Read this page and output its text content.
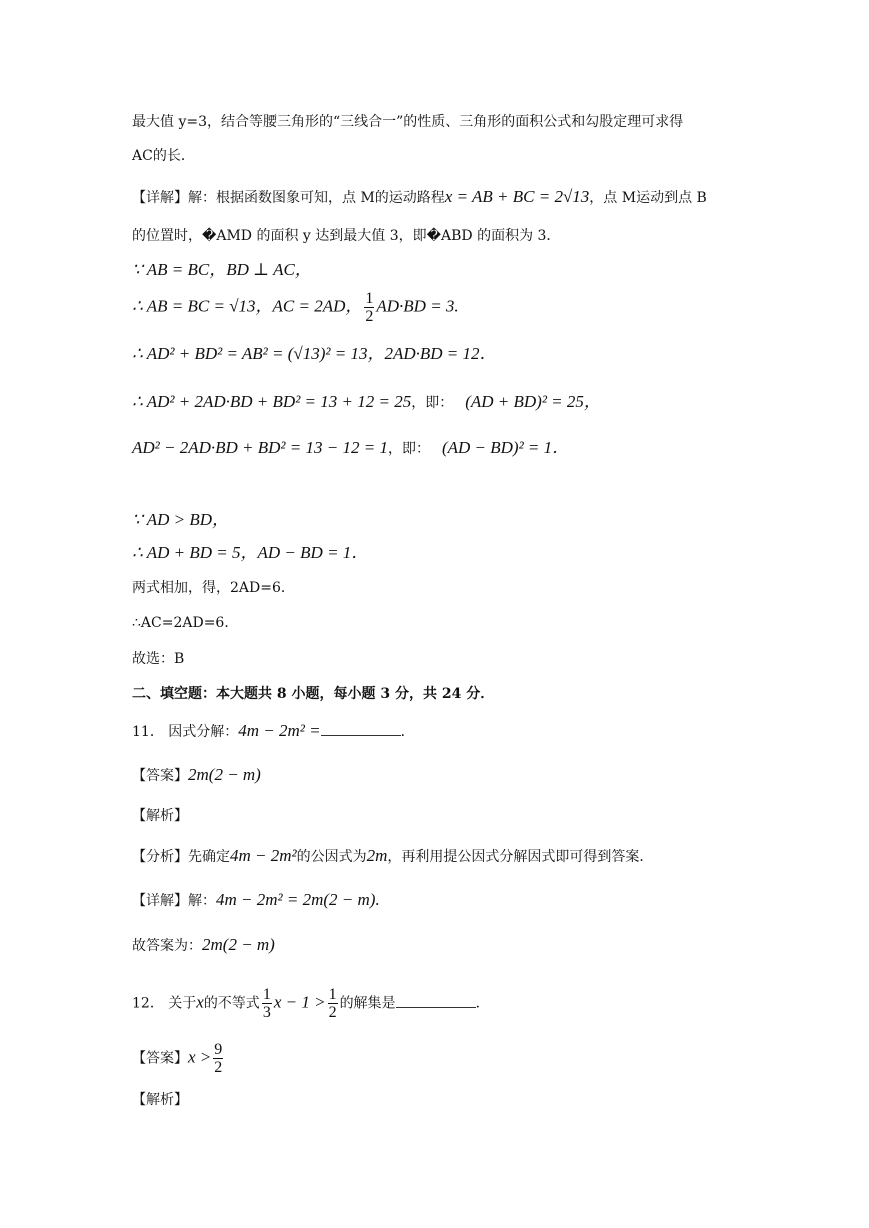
最大值 y=3，结合等腰三角形的“三线合一”的性质、三角形的面积公式和勾股定理可求得
AC的长．
【详解】解：根据函数图象可知，点 M的运动路程x = AB + BC = 2√13，点 M运动到点 B
的位置时，�AMD 的面积 y 达到最大值 3，即�ABD 的面积为 3．
∵ AB = BC，BD ⊥ AC，
∴ AB = BC = √13，AC = 2AD， $\frac{1}{2} AD\cdot BD = 3$.
∴ AD² + BD² = AB² = (√13)² = 13，2AD·BD = 12．
∴ AD² + 2AD·BD + BD² = 13 + 12 = 25，即： (AD + BD)² = 25，
AD² − 2AD·BD + BD² = 13 − 12 = 1，即： (AD − BD)² = 1．
∵ AD > BD，
∴ AD + BD = 5，AD − BD = 1．
两式相加，得，2AD=6．
∴AC=2AD=6．
故选：B
二、填空题：本大题共 8 小题，每小题 3 分，共 24 分．
11． 因式分解：4m − 2m² =	．
【答案】2m(2 − m)
【解析】
【分析】先确定4m − 2m²的公因式为2m，再利用提公因式分解因式即可得到答案．
【详解】解：4m − 2m² = 2m(2 − m).
故答案为：2m(2 − m)
12． 关于x的不等式 $\frac{1}{3}$ $x - 1 > \frac{1}{2}$ 的解集是	．
【答案】$x > \frac{9}{2}$
【解析】
